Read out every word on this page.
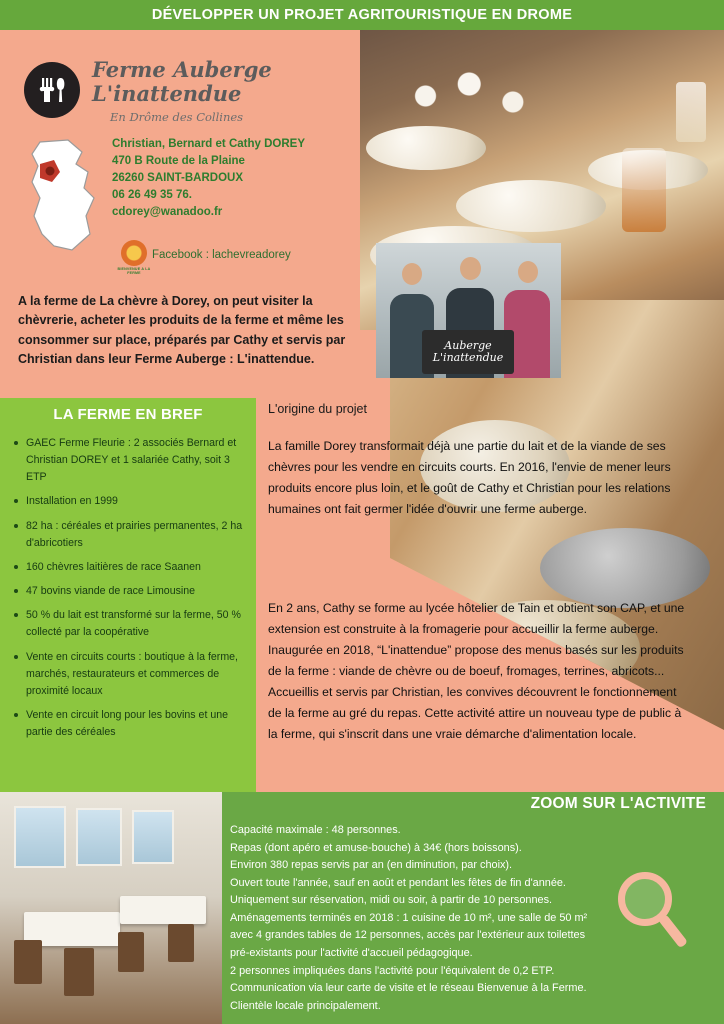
DÉVELOPPER UN PROJET AGRITOURISTIQUE EN DROME
Auberge
L'inattendue
Ferme Auberge
L'inattendue
En Drôme des Collines
Christian, Bernard et Cathy DOREY
470 B Route de la Plaine
26260 SAINT-BARDOUX
06 26 49 35 76.
cdorey@wanadoo.fr
BIENVENUE A LA FERME
Facebook : lachevreadorey
A la ferme de La chèvre à Dorey, on peut visiter la chèvrerie, acheter les produits de la ferme et même les consommer sur place, préparés par Cathy et servis par Christian dans leur Ferme Auberge : L'inattendue.
LA FERME EN BREF
GAEC Ferme Fleurie : 2 associés Bernard et Christian DOREY et 1 salariée Cathy, soit 3 ETP
Installation en 1999
82 ha : céréales et prairies permanentes, 2 ha d'abricotiers
160 chèvres laitières de race Saanen
47 bovins viande de race Limousine
50 % du lait est transformé sur la ferme, 50 % collecté par la coopérative
Vente en circuits courts : boutique à la ferme, marchés, restaurateurs et commerces de proximité locaux
Vente en circuit long pour les bovins et une partie des céréales
L'origine du projet
La famille Dorey transformait déjà une partie du lait et de la viande de ses chèvres pour les vendre en circuits courts. En 2016, l'envie de mener leurs produits encore plus loin, et le goût de Cathy et Christian pour les relations humaines ont fait germer l'idée d'ouvrir une ferme auberge.
En 2 ans, Cathy se forme au lycée hôtelier de Tain et obtient son CAP, et une extension est construite à la fromagerie pour accueillir la ferme auberge. Inaugurée en 2018, “L'inattendue” propose des menus basés sur les produits de la ferme : viande de chèvre ou de boeuf, fromages, terrines, abricots... Accueillis et servis par Christian, les convives découvrent le fonctionnement de la ferme au gré du repas. Cette activité attire un nouveau type de public à la ferme, qui s'inscrit dans une vraie démarche d'alimentation locale.
ZOOM SUR L'ACTIVITE
Capacité maximale : 48 personnes.
Repas (dont apéro et amuse-bouche) à 34€ (hors boissons).
Environ 380 repas servis par an (en diminution, par choix).
Ouvert toute l'année, sauf en août et pendant les fêtes de fin d'année.
Uniquement sur réservation, midi ou soir, à partir de 10 personnes.
Aménagements terminés en 2018 : 1 cuisine de 10 m², une salle de 50 m²
avec 4 grandes tables de 12 personnes, accès par l'extérieur aux toilettes
pré-existants pour l'activité d'accueil pédagogique.
2 personnes impliquées dans l'activité pour l'équivalent de 0,2 ETP.
Communication via leur carte de visite et le réseau Bienvenue à la Ferme.
Clientèle locale principalement.
